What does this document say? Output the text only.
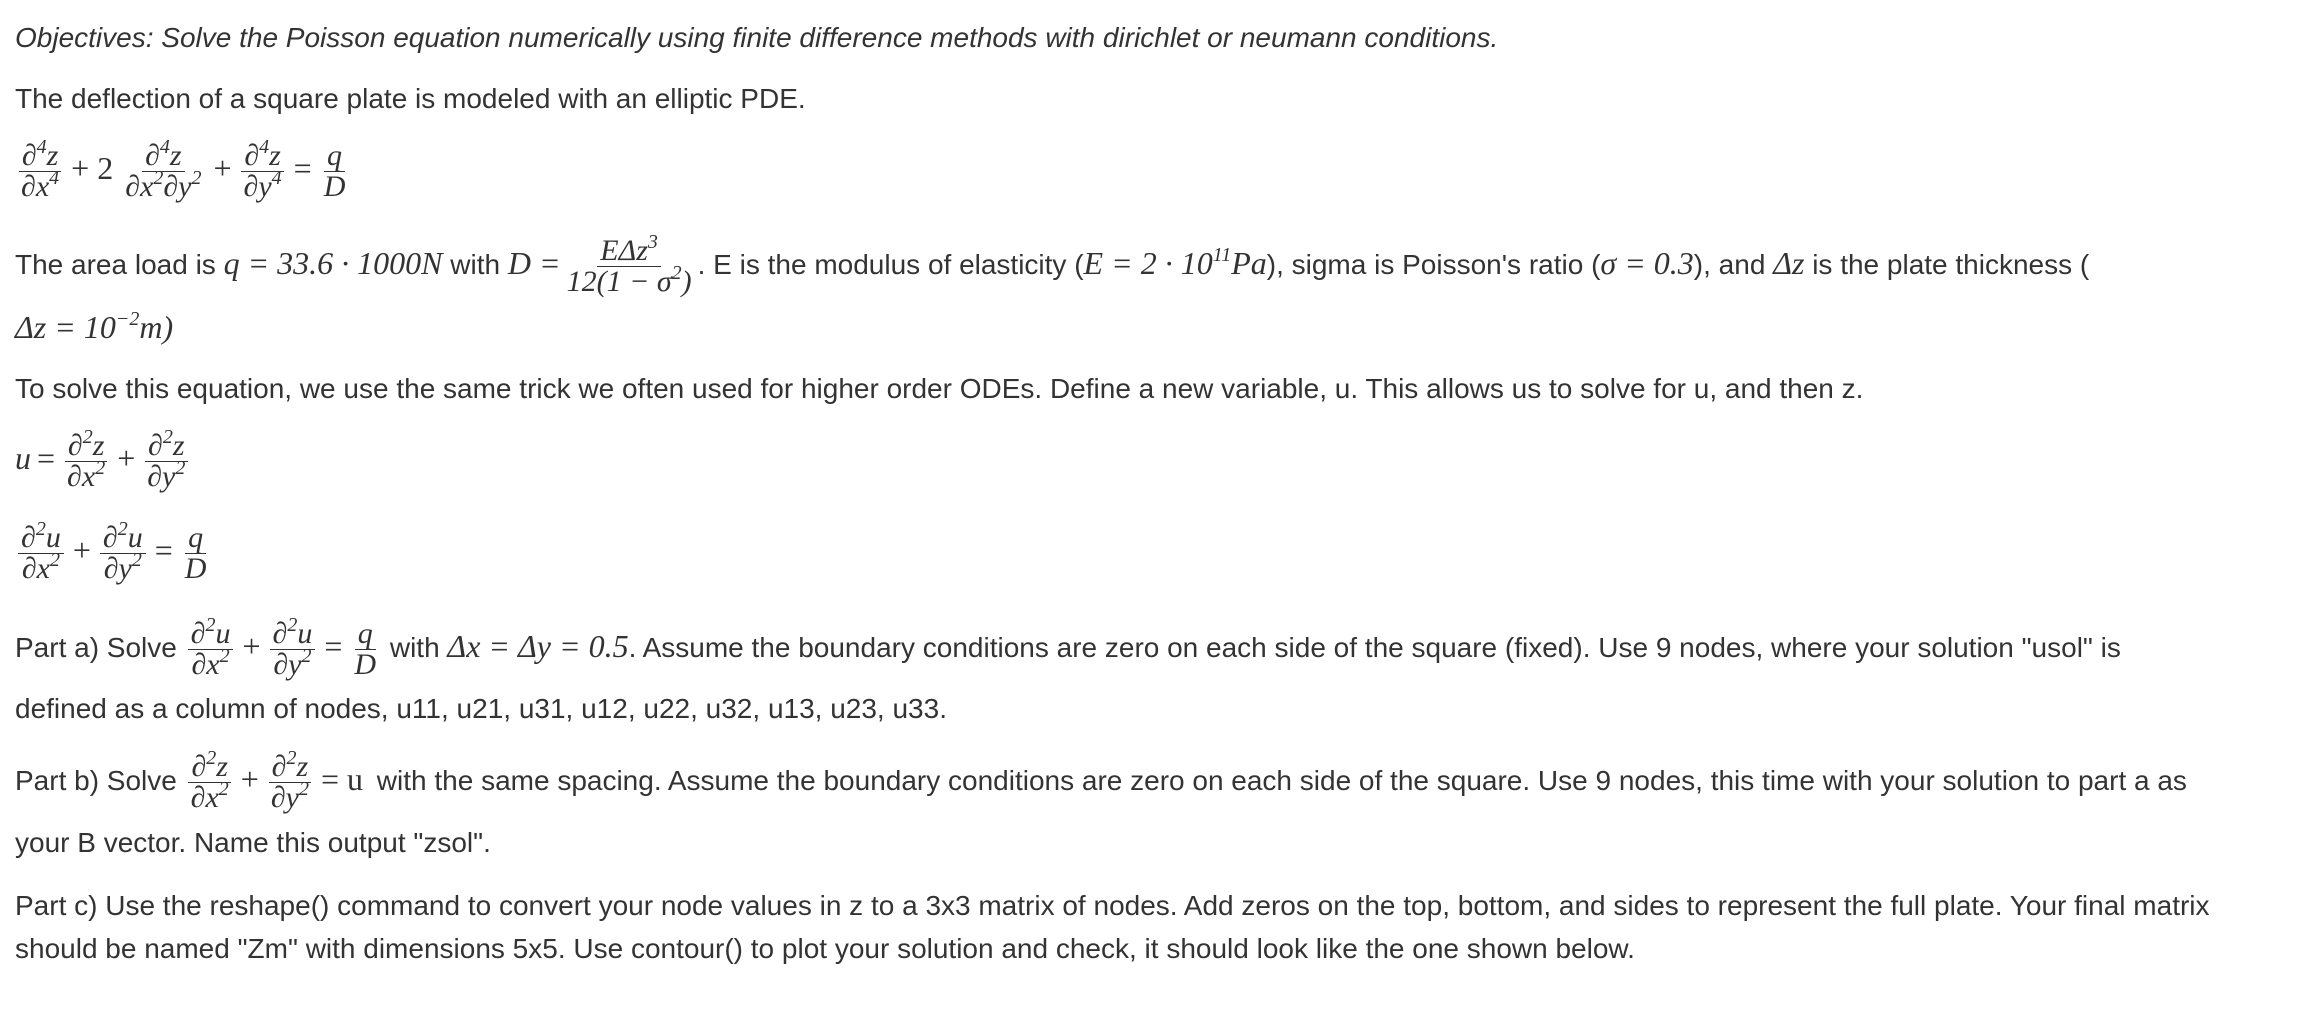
Objectives: Solve the Poisson equation numerically using finite difference methods with dirichlet or neumann conditions.
The deflection of a square plate is modeled with an elliptic PDE.
$\frac{\partial^4z}{\partial x^4} + 2 \frac{\partial^4z}{\partial x^2\partial y^2} + \frac{\partial^4z}{\partial y^4} = \frac{q}{D}$
The area load is q = 33.6 · 1000N with $D = \frac{E\Delta z^3}{12(1 - \sigma^2)}$ . E is the modulus of elasticity $(E = 2 \cdot 10^{11}Pa)$, sigma is Poisson's ratio (σ = 0.3), and Δz is the plate thickness (
$\Delta z = 10^{-2}m$)
To solve this equation, we use the same trick we often used for higher order ODEs. Define a new variable, u. This allows us to solve for u, and then z.
$u = \frac{\partial^2z}{\partial x^2} + \frac{\partial^2z}{\partial y^2}$
$\frac{\partial^2u}{\partial x^2} + \frac{\partial^2u}{\partial y^2} = \frac{q}{D}$
Part a) Solve $\frac{\partial^2u}{\partial x^2} + \frac{\partial^2u}{\partial y^2} = \frac{q}{D}$ with Δx = Δy = 0.5. Assume the boundary conditions are zero on each side of the square (fixed). Use 9 nodes, where your solution "usol" is
defined as a column of nodes, u11, u21, u31, u12, u22, u32, u13, u23, u33.
Part b) Solve $\frac{\partial^2z}{\partial x^2} + \frac{\partial^2z}{\partial y^2} = u$ with the same spacing. Assume the boundary conditions are zero on each side of the square. Use 9 nodes, this time with your solution to part a as
your B vector. Name this output "zsol".
Part c) Use the reshape() command to convert your node values in z to a 3x3 matrix of nodes. Add zeros on the top, bottom, and sides to represent the full plate. Your final matrix
should be named "Zm" with dimensions 5x5. Use contour() to plot your solution and check, it should look like the one shown below.
